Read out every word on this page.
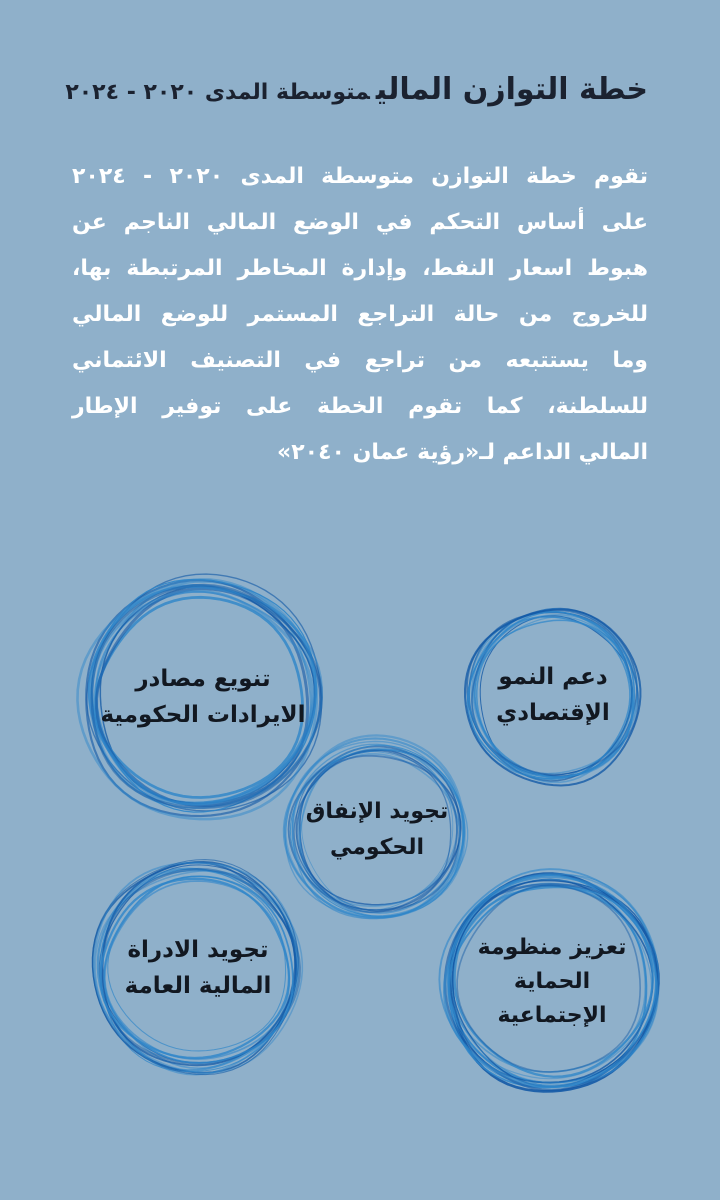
خطة التوازن الماليمتوسطة المدى ٢٠٢٠ - ٢٠٢٤
تقوم خطة التوازن متوسطة المدى ٢٠٢٠ - ٢٠٢٤
على أساس التحكم في الوضع المالي الناجم عن
هبوط اسعار النفط، وإدارة المخاطر المرتبطة بها،
للخروج من حالة التراجع المستمر للوضع المالي
وما يستتبعه من تراجع في التصنيف الائتماني
للسلطنة، كما تقوم الخطة على توفير الإطار
المالي الداعم لـ«رؤية عمان ٢٠٤٠»
تنويع مصادر
الايرادات الحكومية
دعم النمو
الإقتصادي
تجويد الإنفاق
الحكومي
تجويد الادراة
المالية العامة
تعزيز منظومة
الحماية
الإجتماعية
